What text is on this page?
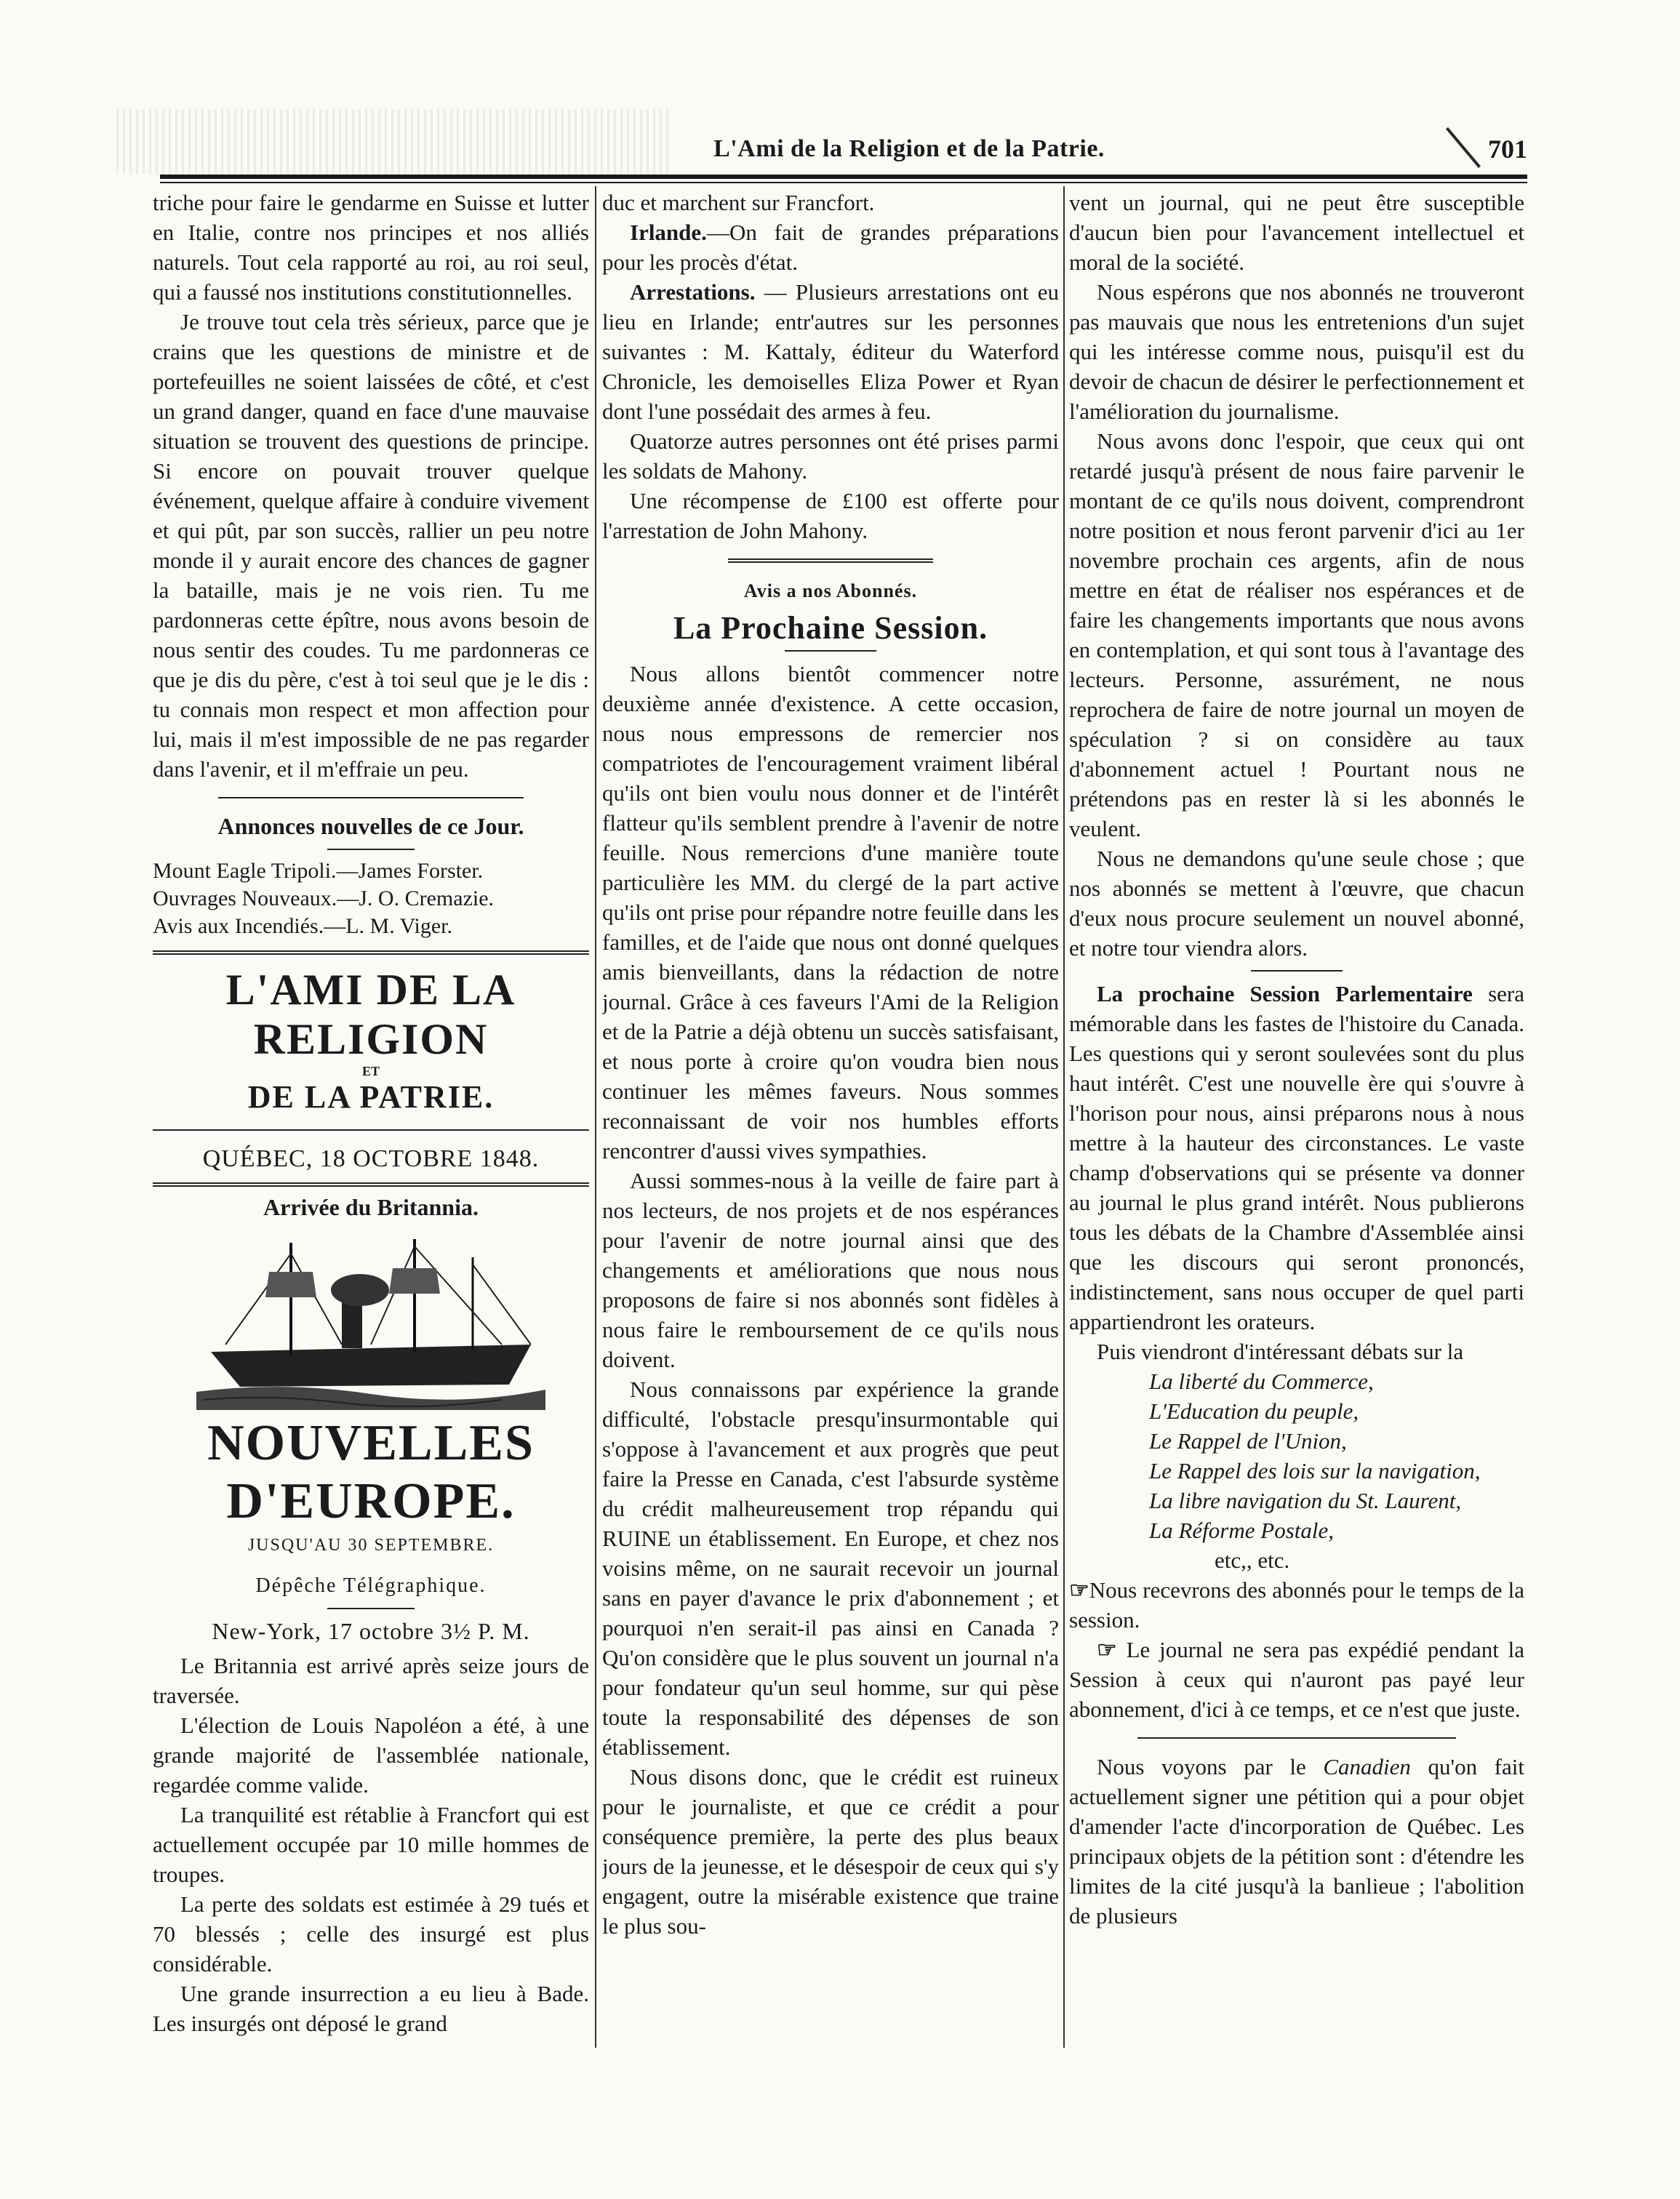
L'Ami de la Religion et de la Patrie.	701

triche pour faire le gendarme en Suisse et lutter en Italie, contre nos principes et nos alliés naturels. Tout cela rapporté au roi, au roi seul, qui a faussé nos institutions constitutionnelles.

Je trouve tout cela très sérieux, parce que je crains que les questions de ministre et de portefeuilles ne soient laissées de côté, et c'est un grand danger, quand en face d'une mauvaise situation se trouvent des questions de principe. Si encore on pouvait trouver quelque événement, quelque affaire à conduire vivement et qui pût, par son succès, rallier un peu notre monde il y aurait encore des chances de gagner la bataille, mais je ne vois rien. Tu me pardonneras cette épître, nous avons besoin de nous sentir des coudes. Tu me pardonneras ce que je dis du père, c'est à toi seul que je le dis : tu connais mon respect et mon affection pour lui, mais il m'est impossible de ne pas regarder dans l'avenir, et il m'effraie un peu.

Annonces nouvelles de ce Jour.
Mount Eagle Tripoli.—James Forster.
Ouvrages Nouveaux.—J. O. Cremazie.
Avis aux Incendiés.—L. M. Viger.
L'AMI DE LA RELIGION
ET
DE LA PATRIE.
QUÉBEC, 18 OCTOBRE 1848.
Arrivée du Britannia.
NOUVELLES D'EUROPE.
JUSQU'AU 30 SEPTEMBRE.
Dépêche Télégraphique.
New-York, 17 octobre 3½ P. M.

Le Britannia est arrivé après seize jours de traversée.

L'élection de Louis Napoléon a été, à une grande majorité de l'assemblée nationale, regardée comme valide.

La tranquilité est rétablie à Francfort qui est actuellement occupée par 10 mille hommes de troupes.

La perte des soldats est estimée à 29 tués et 70 blessés ; celle des insurgé est plus considérable.

Une grande insurrection a eu lieu à Bade. Les insurgés ont déposé le grand

duc et marchent sur Francfort.

Irlande.—On fait de grandes préparations pour les procès d'état.

Arrestations. — Plusieurs arrestations ont eu lieu en Irlande; entr'autres sur les personnes suivantes : M. Kattaly, éditeur du Waterford Chronicle, les demoiselles Eliza Power et Ryan dont l'une possédait des armes à feu.

Quatorze autres personnes ont été prises parmi les soldats de Mahony.

Une récompense de £100 est offerte pour l'arrestation de John Mahony.

Avis a nos Abonnés.
La Prochaine Session.

Nous allons bientôt commencer notre deuxième année d'existence. A cette occasion, nous nous empressons de remercier nos compatriotes de l'encouragement vraiment libéral qu'ils ont bien voulu nous donner et de l'intérêt flatteur qu'ils semblent prendre à l'avenir de notre feuille. Nous remercions d'une manière toute particulière les MM. du clergé de la part active qu'ils ont prise pour répandre notre feuille dans les familles, et de l'aide que nous ont donné quelques amis bienveillants, dans la rédaction de notre journal. Grâce à ces faveurs l'Ami de la Religion et de la Patrie a déjà obtenu un succès satisfaisant, et nous porte à croire qu'on voudra bien nous continuer les mêmes faveurs. Nous sommes reconnaissant de voir nos humbles efforts rencontrer d'aussi vives sympathies.

Aussi sommes-nous à la veille de faire part à nos lecteurs, de nos projets et de nos espérances pour l'avenir de notre journal ainsi que des changements et améliorations que nous nous proposons de faire si nos abonnés sont fidèles à nous faire le remboursement de ce qu'ils nous doivent.

Nous connaissons par expérience la grande difficulté, l'obstacle presqu'insurmontable qui s'oppose à l'avancement et aux progrès que peut faire la Presse en Canada, c'est l'absurde système du crédit malheureusement trop répandu qui RUINE un établissement. En Europe, et chez nos voisins même, on ne saurait recevoir un journal sans en payer d'avance le prix d'abonnement ; et pourquoi n'en serait-il pas ainsi en Canada ? Qu'on considère que le plus souvent un journal n'a pour fondateur qu'un seul homme, sur qui pèse toute la responsabilité des dépenses de son établissement.

Nous disons donc, que le crédit est ruineux pour le journaliste, et que ce crédit a pour conséquence première, la perte des plus beaux jours de la jeunesse, et le désespoir de ceux qui s'y engagent, outre la misérable existence que traine le plus sou-

vent un journal, qui ne peut être susceptible d'aucun bien pour l'avancement intellectuel et moral de la société.

Nous espérons que nos abonnés ne trouveront pas mauvais que nous les entretenions d'un sujet qui les intéresse comme nous, puisqu'il est du devoir de chacun de désirer le perfectionnement et l'amélioration du journalisme.

Nous avons donc l'espoir, que ceux qui ont retardé jusqu'à présent de nous faire parvenir le montant de ce qu'ils nous doivent, comprendront notre position et nous feront parvenir d'ici au 1er novembre prochain ces argents, afin de nous mettre en état de réaliser nos espérances et de faire les changements importants que nous avons en contemplation, et qui sont tous à l'avantage des lecteurs. Personne, assurément, ne nous reprochera de faire de notre journal un moyen de spéculation ? si on considère au taux d'abonnement actuel ! Pourtant nous ne prétendons pas en rester là si les abonnés le veulent.

Nous ne demandons qu'une seule chose ; que nos abonnés se mettent à l'œuvre, que chacun d'eux nous procure seulement un nouvel abonné, et notre tour viendra alors.

La prochaine Session Parlementaire sera mémorable dans les fastes de l'histoire du Canada. Les questions qui y seront soulevées sont du plus haut intérêt. C'est une nouvelle ère qui s'ouvre à l'horison pour nous, ainsi préparons nous à nous mettre à la hauteur des circonstances. Le vaste champ d'observations qui se présente va donner au journal le plus grand intérêt. Nous publierons tous les débats de la Chambre d'Assemblée ainsi que les discours qui seront prononcés, indistinctement, sans nous occuper de quel parti appartiendront les orateurs.

Puis viendront d'intéressant débats sur la

La liberté du Commerce,
L'Education du peuple,
Le Rappel de l'Union,
Le Rappel des lois sur la navigation,
La libre navigation du St. Laurent,
La Réforme Postale,
etc,, etc.

☞Nous recevrons des abonnés pour le temps de la session.

☞ Le journal ne sera pas expédié pendant la Session à ceux qui n'auront pas payé leur abonnement, d'ici à ce temps, et ce n'est que juste.

Nous voyons par le Canadien qu'on fait actuellement signer une pétition qui a pour objet d'amender l'acte d'incorporation de Québec. Les principaux objets de la pétition sont : d'étendre les limites de la cité jusqu'à la banlieue ; l'abolition de plusieurs
